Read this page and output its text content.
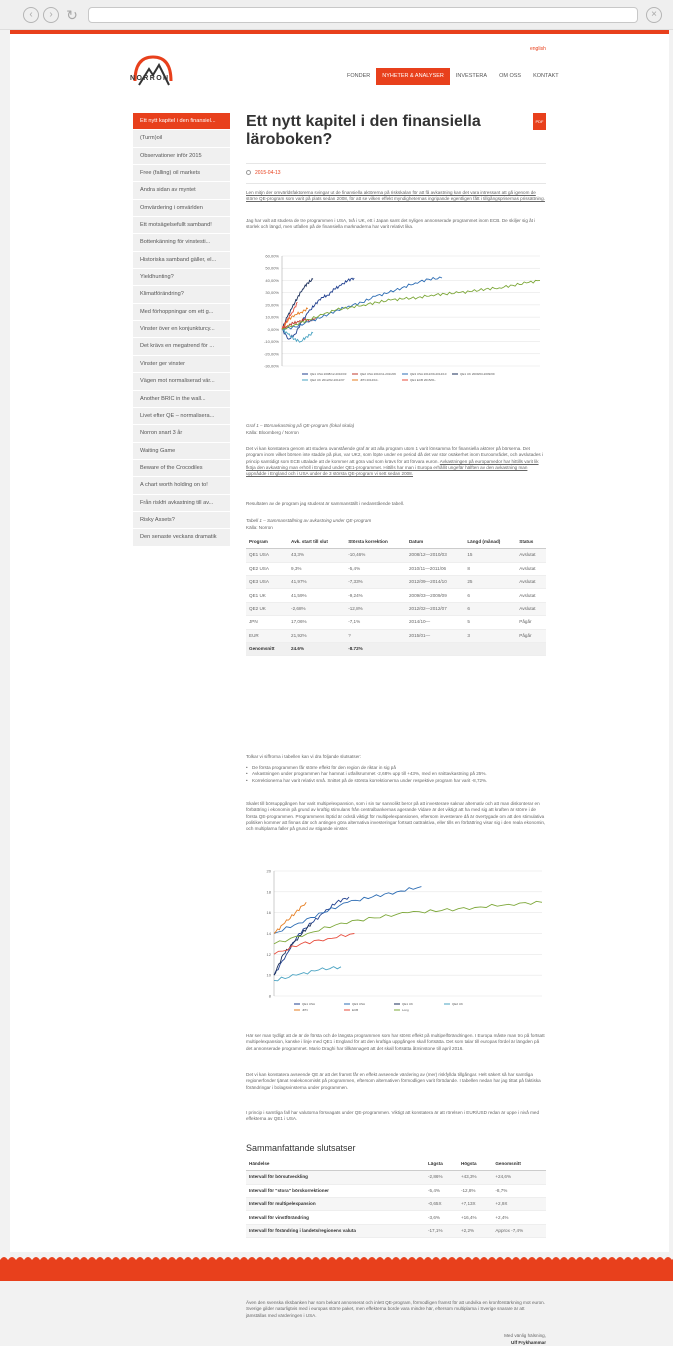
‹	› ↻	×
NORRON
english
FONDER	NYHETER & ANALYSER	INVESTERA	OM OSS	KONTAKT
Ett nytt kapitel i den finansiel...
(Turm)oil
Observationer inför 2015
Free (falling) oil markets
Andra sidan av myntet
Omvärdering i omvärlden
Ett motsägelsefullt samband!
Bottenkänning för vinstesti...
Historiska samband gäller, el...
Yieldhunting?
Klimatförändring?
Med förhoppningar om ett g...
Vinster över en konjunkturcy...
Det krävs en megatrend för ...
Vinster ger vinster
Vägen mot normaliserad vär...
Another BRIC in the wall...
Livet efter QE – normalisera...
Norron snart 3 år
Waiting Game
Beware of the Crocodiles
A chart worth holding on to!
Från riskfri avkastning till av...
Risky Assets?
Den senaste veckans dramatik
Ett nytt kapitel i den finansiella läroboken?
PDF
2015-04-13
Len mitjn der omvärldsfaktorerna svingar ut de finansiella aktörerna på riskskalan för att få avkastning kan det vara intressant att gå igenom de större QE-program som varit på plats sedan 2008, för att se vilken effekt myndigheternas ingripande egentligen fått i tillgångsprisernas prissättning.
Jag har valt att studera de tre programmen i USA, två i UK, ett i Japan samt det nyligen annonserade programmet inom ECB. De skiljer sig åt i storlek och längd, men utfallen på de finansiella marknaderna har varit relativt lika.
60,00%
50,00%
40,00%
30,00%
20,00%
10,00%
0,00%
-10,00%
-20,00%
-30,00%
QE1 USA 2008/12-2010/03	QE2 USA 2010/11-2011/06	QE3 USA 2012/09-2014/10	QE1 UK 2009/03-2009/09
QE2 UK 2012/02-2012/07	JPN 2014/10-	QE1 ECB 2015/01-
Graf 1 – Börsavkastning på QE-program (fokal skala)
Källa: Bloomberg / Norron
Det vi kan konstatera genom att studera ovanstående graf är att alla program utom 1 varit lönsamma för finansiella aktörer på börserna. Det program inom vilket börsen inte stadde på plus, var UK2, som löpte under en period då det var stor osäkerhet inom Euroområdet, och avslutades i princip samtidigt som ECB uttalade att de kommer att göra vad som krävs för att förvara euron. Avkastningen på europamedor har hittills varit lik fköja den avkastning man erhöll i England under QE1-programmet. Hittills har man i Europa erhållit ungefär hälften av den avkastning man uppnådde i England och i USA under de 3 största QE-program vi sett sedan 2008.
Resultaten av de program jag studerat är sammanställt i nedanstående tabell.
Tabell 1 – Sammanställning av avkastning under QE-program
Källa: Norron
Program	Avk. start till slut	Största korrektion	Datum	Längd (månad)	Status
QE1 USA	43,3%	-10,46%	2008/12—2010/03	15	Avslutat
QE2 USA	9,3%	-5,4%	2010/11—2011/06	8	Avslutat
QE3 USA	41,97%	-7,33%	2012/09—2014/10	25	Avslutat
QE1 UK	41,59%	-9,24%	2009/03—2009/09	6	Avslutat
QE2 UK	-2,68%	-12,8%	2012/02—2012/07	6	Avslutat
JPN	17,06%	-7,1%	2014/10—	5	Pågår
EUR	21,92%	?	2015/01—	3	Pågår
Genomsnitt	24.6%	-8.72%			
Tolkar vi siffrorna i tabellen kan vi dra följande slutsatser:
• De första programmen får större effekt för den region de riktar in sig på
• Avkastningen under programmen har hamnat i utfallsrummet -2,68% upp till +43%, med en snittavkastning på 25%.
• Korrektionerna har varit relativt små. Snittet på de största korrektionerna under respektive program har varit -8,72%.
Skalet till börsuppgången har varit multipelexpansion, som i sin tur sannolikt beror på att investerare saknar alternativ och att man diskonterar en förbättring i ekonomin på grund av kraftig stimulans från centralbankernas agerande Vidare är det viktigt att ha med sig att kraften är större i de första QE-programmen. Programmens löptid är också viktigt för multipelexpansionen, eftersom investerare då är övertygade om att den stimulativa politiken kommer att finnas där och antingen göra alternativa investeringar fortsatt oattraktiva, eller tills en förbättring visar sig i den reala ekonomin, och multiplarna faller på grund av stigande vinster.
20
18
16
14
12
10
8
QE1 USA	QE3 USA	QE1 UK	QE2 UK
JPN	ECB	Long
Här ser man tydligt att de är de första och de längsta programmen som har störst effekt på multipelförändringen. I Europa måste man tro på fortsatt multipelexpansion, kanske i linje med QE1 i England för att den kraftiga uppgången skall fortsätta. Det som talar till europas fördel är längden på det annonserade programmet. Mario Draghi har tillkännagett att det skall fortsätta åtminstone till april 2016.
Det vi kan konstatera avseende QE är att det framst får en effekt avseende värdering av (mer) riskfyllda tillgångar. Helt säkert så har samtliga regionerfonder tjänat realekonomiskt på programmen, eftersom alternativen förmodligen varit förödande. I tabellen nedan har jag tittat på faktiska förändringar i bolagsvinsterna under programmen.
I princip i samtliga fall har valutorna försvagats under QE-programmen. Viktigt att konstatera är att rörelsen i EUR/USD redan är uppe i nivå med effekterna av QE1 i USA.
Sammanfattande slutsatser
Händelse	Lägsta	Högsta	Genomsnitt
Intervall för börsutveckling	-2,86%	+43,3%	+24,6%
Intervall för "stora" börskorrektioner	-5,4%	-12,8%	-8,7%
Intervall för multipelexpansion	-0,65X	+7,13X	+2,9X
Intervall för vinstförändring	-3,6%	+16,4%	+2,4%
Intervall för förändring i landets/regionens valuta	-17,1%	+2,2%	Approx -7,4%
Även den svenska riksbanken har som bekant annonserat och inlett QE-program, förmodligen framst för att undvika en kronförstärkning mot euron. Sverige gilder naturligtvis med i europas större paket, men effekterna borde vara mindre här, eftersom multiplarna i Sverige snarare är att jämställas med värderingen i USA.
Med vänlig hälsning,
Ulf Frykhammar
